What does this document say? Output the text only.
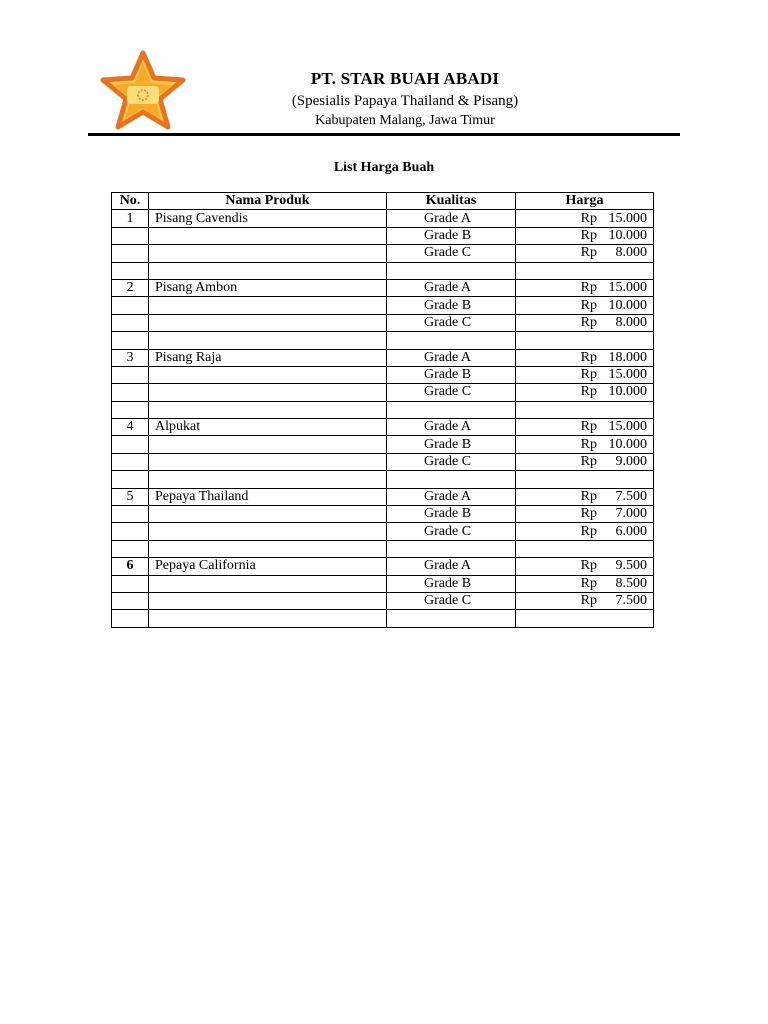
PT. STAR BUAH ABADI
(Spesialis Papaya Thailand & Pisang)
Kabupaten Malang, Jawa Timur
List Harga Buah
No.	Nama Produk	Kualitas	Harga
1	Pisang Cavendis	Grade A	Rp 15.000

		Grade B	Rp 10.000

		Grade C	Rp 8.000

2	Pisang Ambon	Grade A	Rp 15.000

		Grade B	Rp 10.000

		Grade C	Rp 8.000

3	Pisang Raja	Grade A	Rp 18.000

		Grade B	Rp 15.000

		Grade C	Rp 10.000

4	Alpukat	Grade A	Rp 15.000

		Grade B	Rp 10.000

		Grade C	Rp 9.000

5	Pepaya Thailand	Grade A	Rp 7.500

		Grade B	Rp 7.000

		Grade C	Rp 6.000

6	Pepaya California	Grade A	Rp 9.500

		Grade B	Rp 8.500

		Grade C	Rp 7.500
